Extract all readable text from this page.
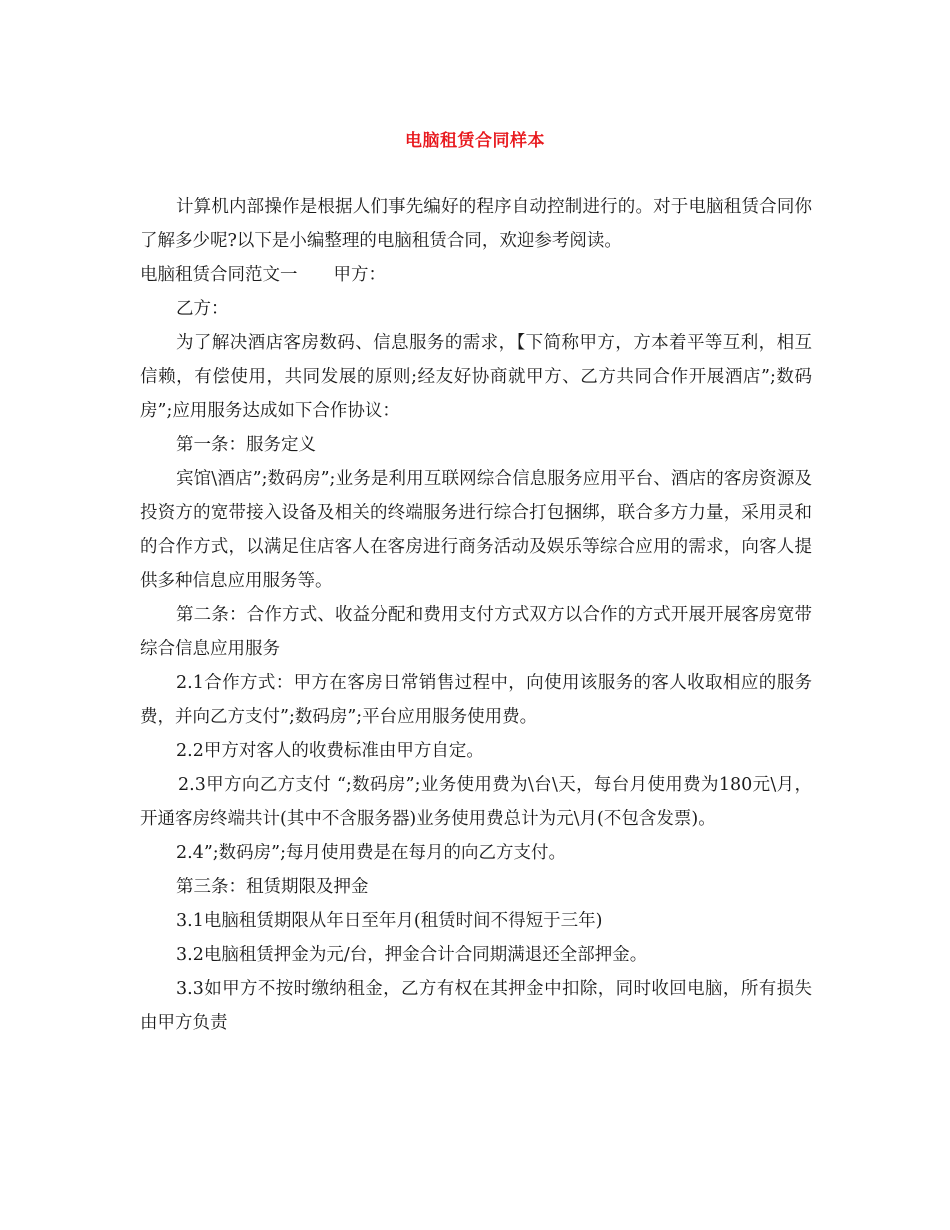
电脑租赁合同样本

计算机内部操作是根据人们事先编好的程序自动控制进行的。对于电脑租赁合同你了解多少呢?以下是小编整理的电脑租赁合同，欢迎参考阅读。

电脑租赁合同范文一 甲方：

乙方：

为了解决酒店客房数码、信息服务的需求，【下简称甲方，方本着平等互利，相互信赖，有偿使用，共同发展的原则;经友好协商就甲方、乙方共同合作开展酒店”;数码房”;应用服务达成如下合作协议：

第一条：服务定义

宾馆\酒店”;数码房”;业务是利用互联网综合信息服务应用平台、酒店的客房资源及投资方的宽带接入设备及相关的终端服务进行综合打包捆绑，联合多方力量，采用灵和的合作方式，以满足住店客人在客房进行商务活动及娱乐等综合应用的需求，向客人提供多种信息应用服务等。

第二条：合作方式、收益分配和费用支付方式双方以合作的方式开展开展客房宽带综合信息应用服务

2.1合作方式：甲方在客房日常销售过程中，向使用该服务的客人收取相应的服务费，并向乙方支付”;数码房”;平台应用服务使用费。

2.2甲方对客人的收费标准由甲方自定。

2.3甲方向乙方支付 “;数码房”;业务使用费为\台\天，每台月使用费为180元\月，开通客房终端共计(其中不含服务器)业务使用费总计为元\月(不包含发票)。

2.4”;数码房”;每月使用费是在每月的向乙方支付。

第三条：租赁期限及押金

3.1电脑租赁期限从年日至年月(租赁时间不得短于三年)

3.2电脑租赁押金为元/台，押金合计合同期满退还全部押金。

3.3如甲方不按时缴纳租金，乙方有权在其押金中扣除，同时收回电脑，所有损失由甲方负责
